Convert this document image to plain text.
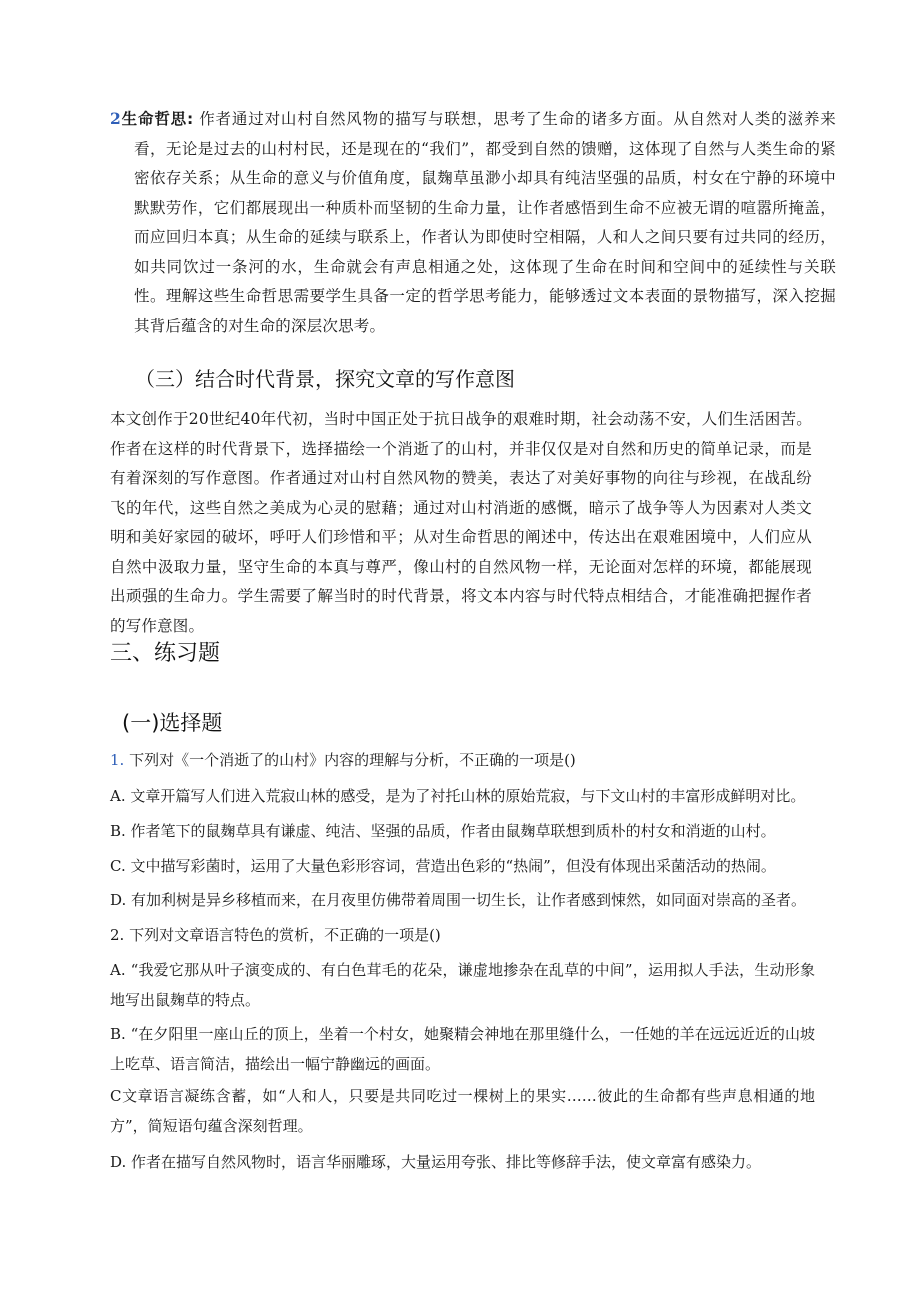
2生命哲思: 作者通过对山村自然风物的描写与联想，思考了生命的诸多方面。从自然对人类的滋养来看，无论是过去的山村村民，还是现在的“我们”，都受到自然的馈赠，这体现了自然与人类生命的紧密依存关系；从生命的意义与价值角度，鼠麹草虽渺小却具有纯洁坚强的品质，村女在宁静的环境中默默劳作，它们都展现出一种质朴而坚韧的生命力量，让作者感悟到生命不应被无谓的喧嚣所掩盖，而应回归本真；从生命的延续与联系上，作者认为即使时空相隔，人和人之间只要有过共同的经历，如共同饮过一条河的水，生命就会有声息相通之处，这体现了生命在时间和空间中的延续性与关联性。理解这些生命哲思需要学生具备一定的哲学思考能力，能够透过文本表面的景物描写，深入挖掘其背后蕴含的对生命的深层次思考。

（三）结合时代背景，探究文章的写作意图

本文创作于20世纪40年代初，当时中国正处于抗日战争的艰难时期，社会动荡不安，人们生活困苦。作者在这样的时代背景下，选择描绘一个消逝了的山村，并非仅仅是对自然和历史的简单记录，而是有着深刻的写作意图。作者通过对山村自然风物的赞美，表达了对美好事物的向往与珍视，在战乱纷飞的年代，这些自然之美成为心灵的慰藉；通过对山村消逝的感慨，暗示了战争等人为因素对人类文明和美好家园的破坏，呼吁人们珍惜和平；从对生命哲思的阐述中，传达出在艰难困境中，人们应从自然中汲取力量，坚守生命的本真与尊严，像山村的自然风物一样，无论面对怎样的环境，都能展现出顽强的生命力。学生需要了解当时的时代背景，将文本内容与时代特点相结合，才能准确把握作者的写作意图。

三、练习题
(一)选择题

1. 下列对《一个消逝了的山村》内容的理解与分析，不正确的一项是()

A. 文章开篇写人们进入荒寂山林的感受，是为了衬托山林的原始荒寂，与下文山村的丰富形成鲜明对比。

B. 作者笔下的鼠麹草具有谦虚、纯洁、坚强的品质，作者由鼠麹草联想到质朴的村女和消逝的山村。

C. 文中描写彩菌时，运用了大量色彩形容词，营造出色彩的“热闹”，但没有体现出采菌活动的热闹。

D. 有加利树是异乡移植而来，在月夜里仿佛带着周围一切生长，让作者感到悚然，如同面对崇高的圣者。

2. 下列对文章语言特色的赏析，不正确的一项是()

A. “我爱它那从叶子演变成的、有白色茸毛的花朵，谦虚地掺杂在乱草的中间”，运用拟人手法，生动形象地写出鼠麹草的特点。

B. “在夕阳里一座山丘的顶上，坐着一个村女，她聚精会神地在那里缝什么，一任她的羊在远远近近的山坡上吃草、语言简洁，描绘出一幅宁静幽远的画面。

C文章语言凝练含蓄，如“人和人，只要是共同吃过一棵树上的果实……彼此的生命都有些声息相通的地方”，简短语句蕴含深刻哲理。

D. 作者在描写自然风物时，语言华丽雕琢，大量运用夸张、排比等修辞手法，使文章富有感染力。
